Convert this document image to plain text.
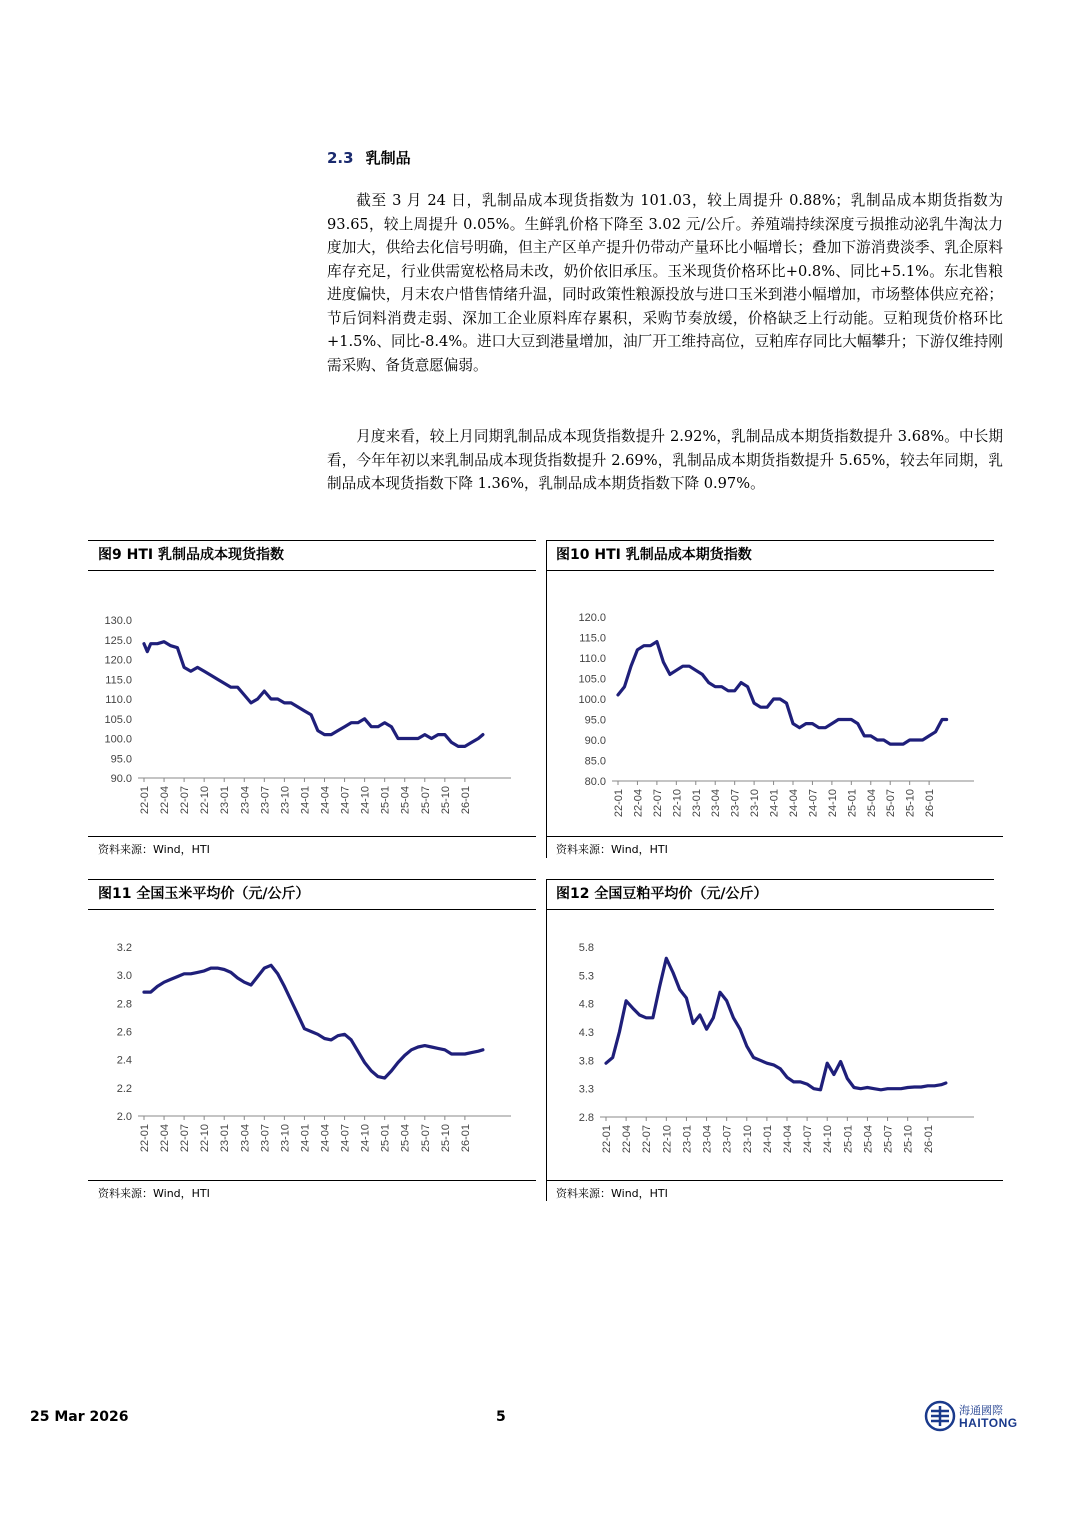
2.3 乳制品
截至 3 月 24 日，乳制品成本现货指数为 101.03，较上周提升 0.88%；乳制品成本期货指数为 93.65，较上周提升 0.05%。生鲜乳价格下降至 3.02 元/公斤。养殖端持续深度亏损推动泌乳牛淘汰力度加大，供给去化信号明确，但主产区单产提升仍带动产量环比小幅增长；叠加下游消费淡季、乳企原料库存充足，行业供需宽松格局未改，奶价依旧承压。玉米现货价格环比+0.8%、同比+5.1%。东北售粮进度偏快，月末农户惜售情绪升温，同时政策性粮源投放与进口玉米到港小幅增加，市场整体供应充裕；节后饲料消费走弱、深加工企业原料库存累积，采购节奏放缓，价格缺乏上行动能。豆粕现货价格环比+1.5%、同比-8.4%。进口大豆到港量增加，油厂开工维持高位，豆粕库存同比大幅攀升；下游仅维持刚需采购、备货意愿偏弱。
月度来看，较上月同期乳制品成本现货指数提升 2.92%，乳制品成本期货指数提升 3.68%。中长期看，今年年初以来乳制品成本现货指数提升 2.69%，乳制品成本期货指数提升 5.65%，较去年同期，乳制品成本现货指数下降 1.36%，乳制品成本期货指数下降 0.97%。
图9 HTI 乳制品成本现货指数
130.0
125.0
120.0
115.0
110.0
105.0
100.0
95.0
90.0
22-01 22-04 22-07 22-10 23-01 23-04 23-07 23-10 24-01 24-04 24-07 24-10 25-01 25-04 25-07 25-10 26-01
资料来源：Wind，HTI
图10 HTI 乳制品成本期货指数
120.0
115.0
110.0
105.0
100.0
95.0
90.0
85.0
80.0
22-01 22-04 22-07 22-10 23-01 23-04 23-07 23-10 24-01 24-04 24-07 24-10 25-01 25-04 25-07 25-10 26-01
资料来源：Wind，HTI
图11 全国玉米平均价（元/公斤）
3.2
3.0
2.8
2.6
2.4
2.2
2.0
22-01 22-04 22-07 22-10 23-01 23-04 23-07 23-10 24-01 24-04 24-07 24-10 25-01 25-04 25-07 25-10 26-01
资料来源：Wind，HTI
图12 全国豆粕平均价（元/公斤）
5.8
5.3
4.8
4.3
3.8
3.3
2.8
22-01 22-04 22-07 22-10 23-01 23-04 23-07 23-10 24-01 24-04 24-07 24-10 25-01 25-04 25-07 25-10 26-01
资料来源：Wind，HTI
25 Mar 2026	5	海通國際
HAITONG
